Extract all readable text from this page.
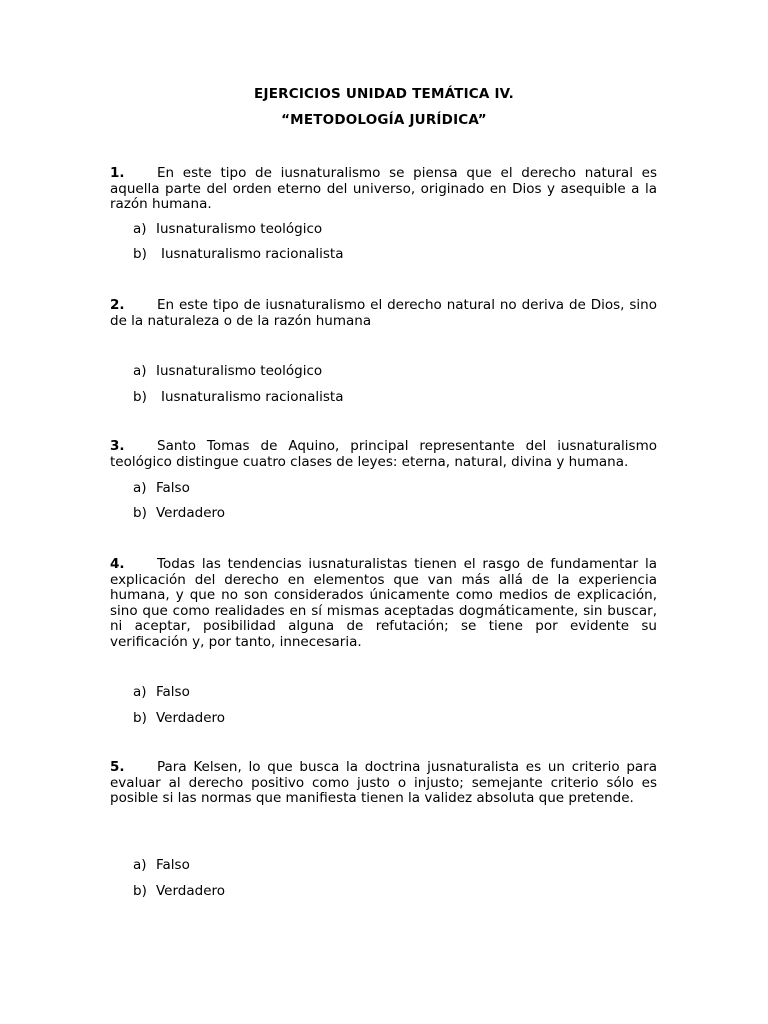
EJERCICIOS UNIDAD TEMÁTICA IV.
“METODOLOGÍA JURÍDICA”
1. En este tipo de iusnaturalismo se piensa que el derecho natural es aquella parte del orden eterno del universo, originado en Dios y asequible a la razón humana.
a) Iusnaturalismo teológico
b) Iusnaturalismo racionalista
2. En este tipo de iusnaturalismo el derecho natural no deriva de Dios, sino de la naturaleza o de la razón humana
a) Iusnaturalismo teológico
b) Iusnaturalismo racionalista
3. Santo Tomas de Aquino, principal representante del iusnaturalismo teológico distingue cuatro clases de leyes: eterna, natural, divina y humana.
a) Falso
b) Verdadero
4. Todas las tendencias iusnaturalistas tienen el rasgo de fundamentar la explicación del derecho en elementos que van más allá de la experiencia humana, y que no son considerados únicamente como medios de explicación, sino que como realidades en sí mismas aceptadas dogmáticamente, sin buscar, ni aceptar, posibilidad alguna de refutación; se tiene por evidente su verificación y, por tanto, innecesaria.
a) Falso
b) Verdadero
5. Para Kelsen, lo que busca la doctrina jusnaturalista es un criterio para evaluar al derecho positivo como justo o injusto; semejante criterio sólo es posible si las normas que manifiesta tienen la validez absoluta que pretende.
a) Falso
b) Verdadero
